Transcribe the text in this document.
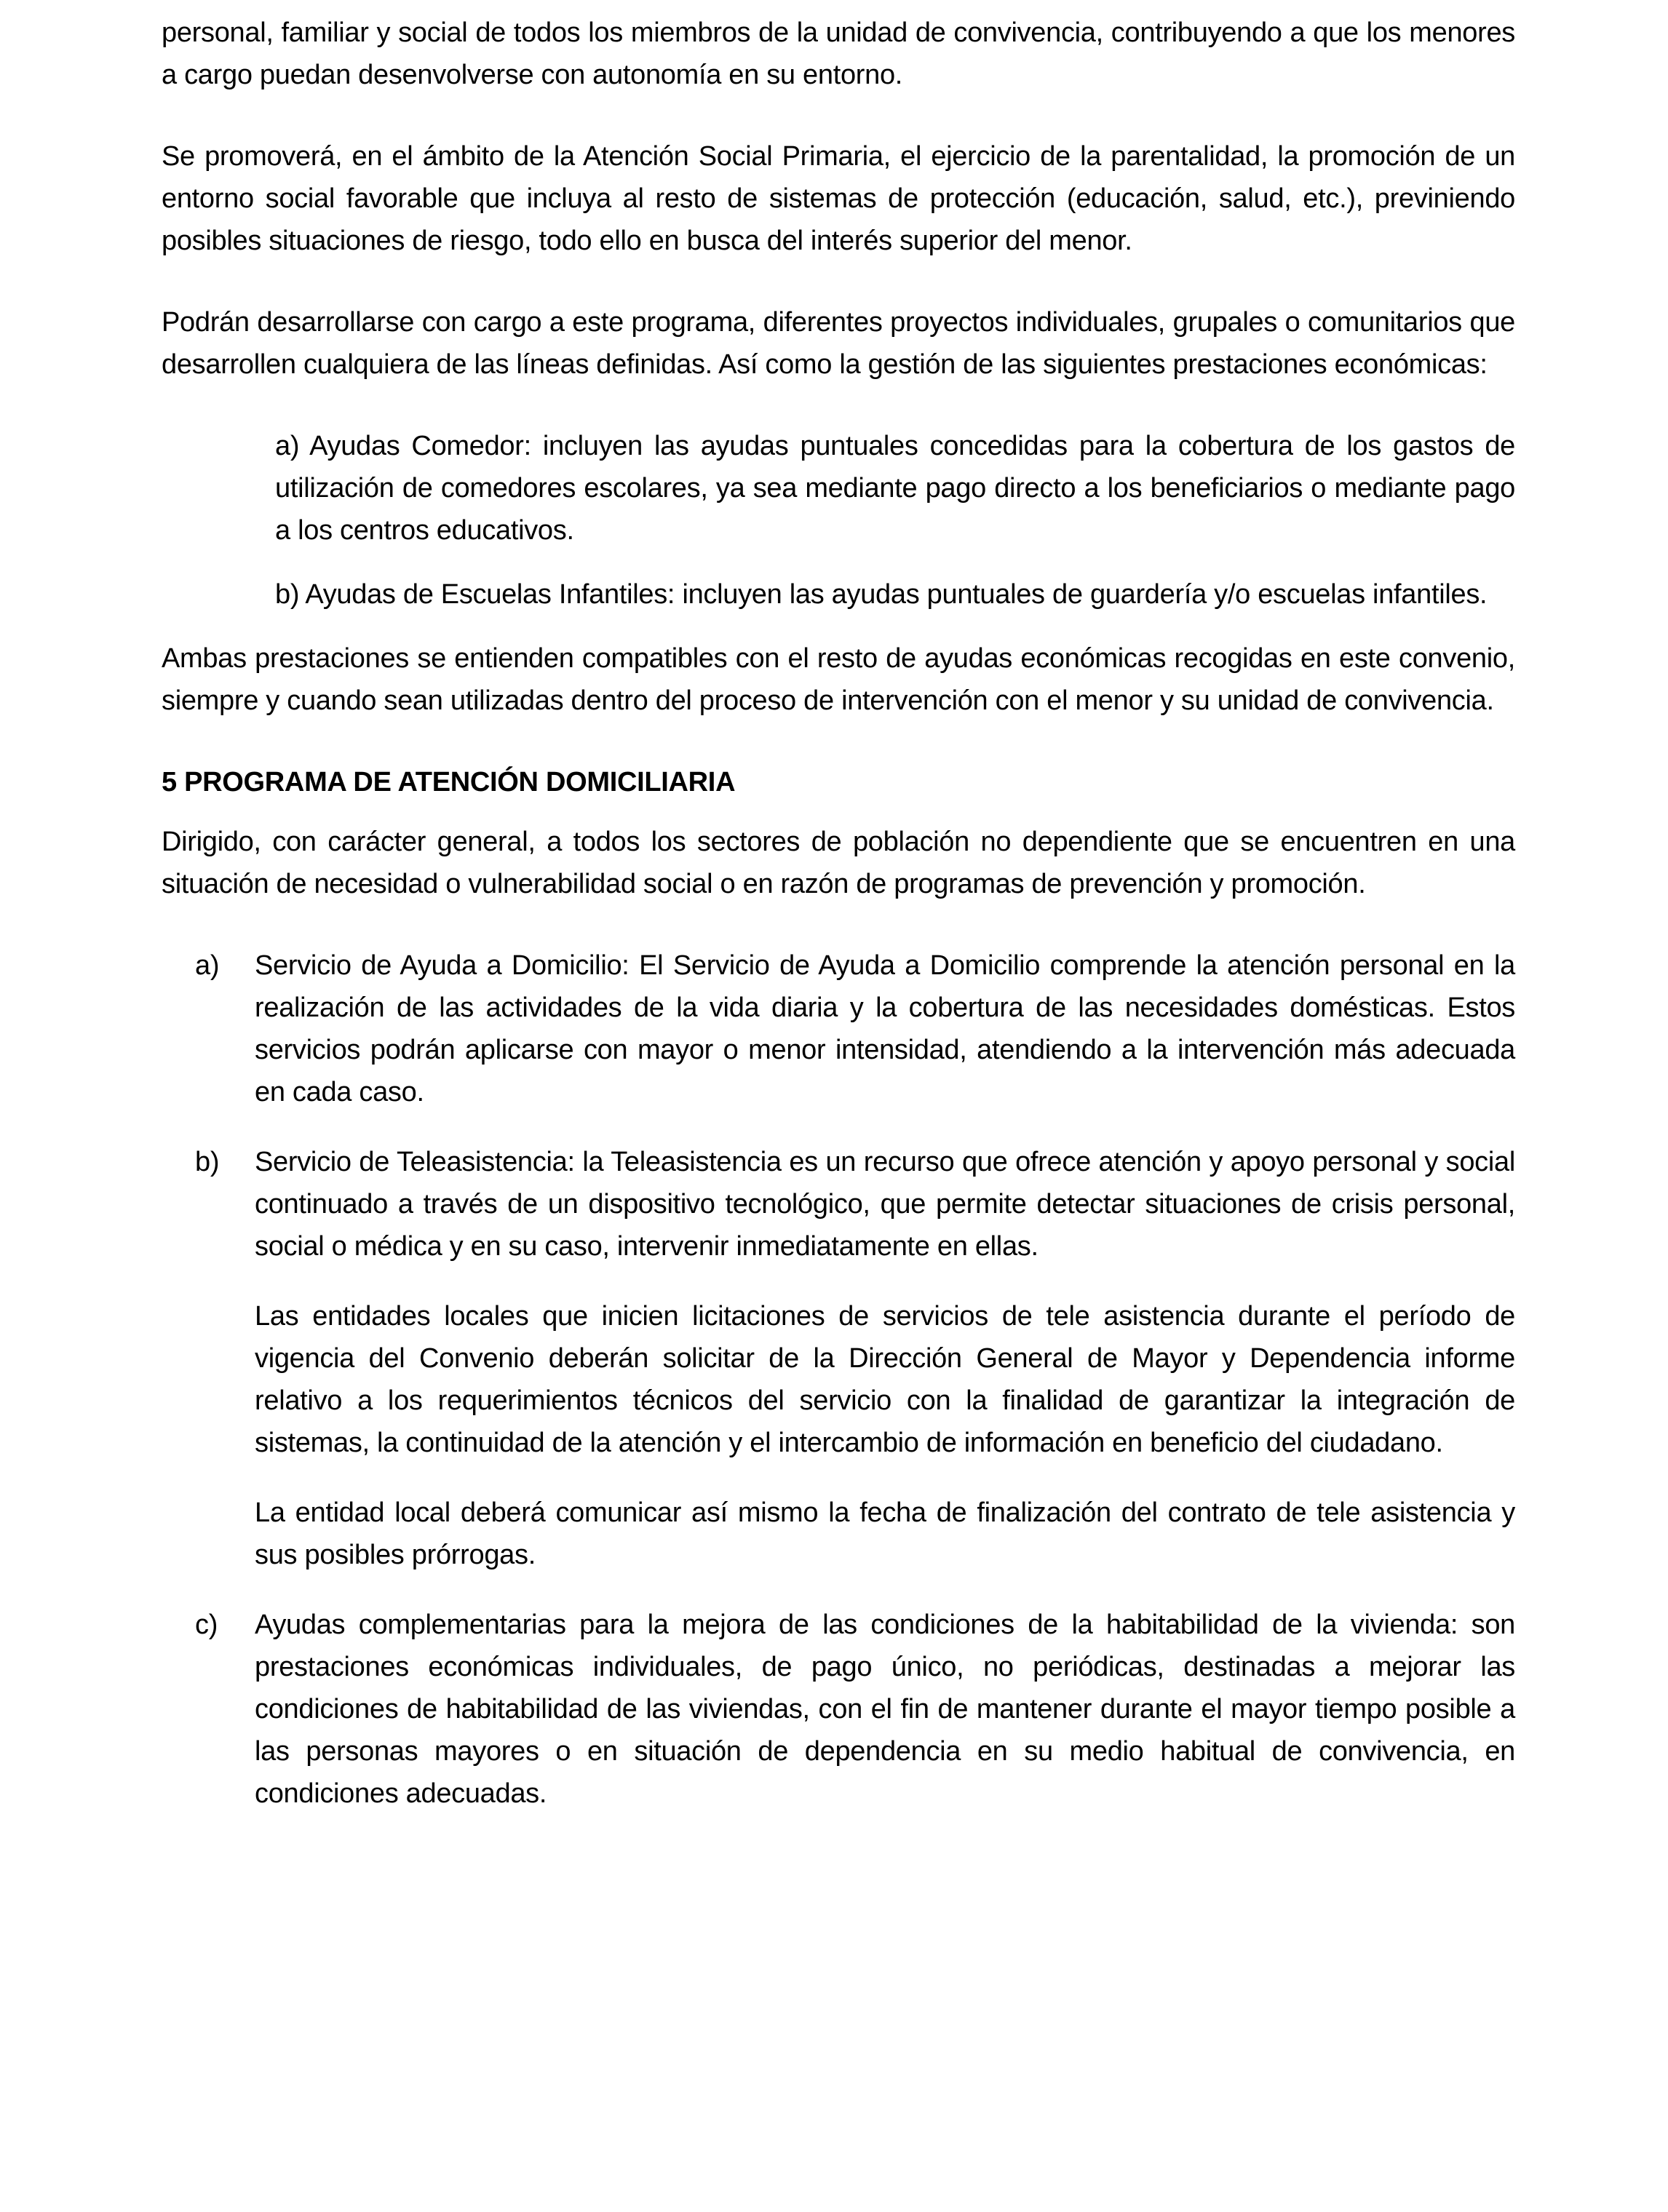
personal, familiar y social de todos los miembros de la unidad de convivencia, contribuyendo a que los menores a cargo puedan desenvolverse con autonomía en su entorno.

Se promoverá, en el ámbito de la Atención Social Primaria, el ejercicio de la parentalidad, la promoción de un entorno social favorable que incluya al resto de sistemas de protección (educación, salud, etc.), previniendo posibles situaciones de riesgo, todo ello en busca del interés superior del menor.

Podrán desarrollarse con cargo a este programa, diferentes proyectos individuales, grupales o comunitarios que desarrollen cualquiera de las líneas definidas. Así como la gestión de las siguientes prestaciones económicas:

a) Ayudas Comedor: incluyen las ayudas puntuales concedidas para la cobertura de los gastos de utilización de comedores escolares, ya sea mediante pago directo a los beneficiarios o mediante pago a los centros educativos.

b) Ayudas de Escuelas Infantiles: incluyen las ayudas puntuales de guardería y/o escuelas infantiles.

Ambas prestaciones se entienden compatibles con el resto de ayudas económicas recogidas en este convenio, siempre y cuando sean utilizadas dentro del proceso de intervención con el menor y su unidad de convivencia.

5 PROGRAMA DE ATENCIÓN DOMICILIARIA

Dirigido, con carácter general, a todos los sectores de población no dependiente que se encuentren en una situación de necesidad o vulnerabilidad social o en razón de programas de prevención y promoción.

a) Servicio de Ayuda a Domicilio: El Servicio de Ayuda a Domicilio comprende la atención personal en la realización de las actividades de la vida diaria y la cobertura de las necesidades domésticas. Estos servicios podrán aplicarse con mayor o menor intensidad, atendiendo a la intervención más adecuada en cada caso.
b) Servicio de Teleasistencia: la Teleasistencia es un recurso que ofrece atención y apoyo personal y social continuado a través de un dispositivo tecnológico, que permite detectar situaciones de crisis personal, social o médica y en su caso, intervenir inmediatamente en ellas.

Las entidades locales que inicien licitaciones de servicios de tele asistencia durante el período de vigencia del Convenio deberán solicitar de la Dirección General de Mayor y Dependencia informe relativo a los requerimientos técnicos del servicio con la finalidad de garantizar la integración de sistemas, la continuidad de la atención y el intercambio de información en beneficio del ciudadano.

La entidad local deberá comunicar así mismo la fecha de finalización del contrato de tele asistencia y sus posibles prórrogas.

c) Ayudas complementarias para la mejora de las condiciones de la habitabilidad de la vivienda: son prestaciones económicas individuales, de pago único, no periódicas, destinadas a mejorar las condiciones de habitabilidad de las viviendas, con el fin de mantener durante el mayor tiempo posible a las personas mayores o en situación de dependencia en su medio habitual de convivencia, en condiciones adecuadas.
